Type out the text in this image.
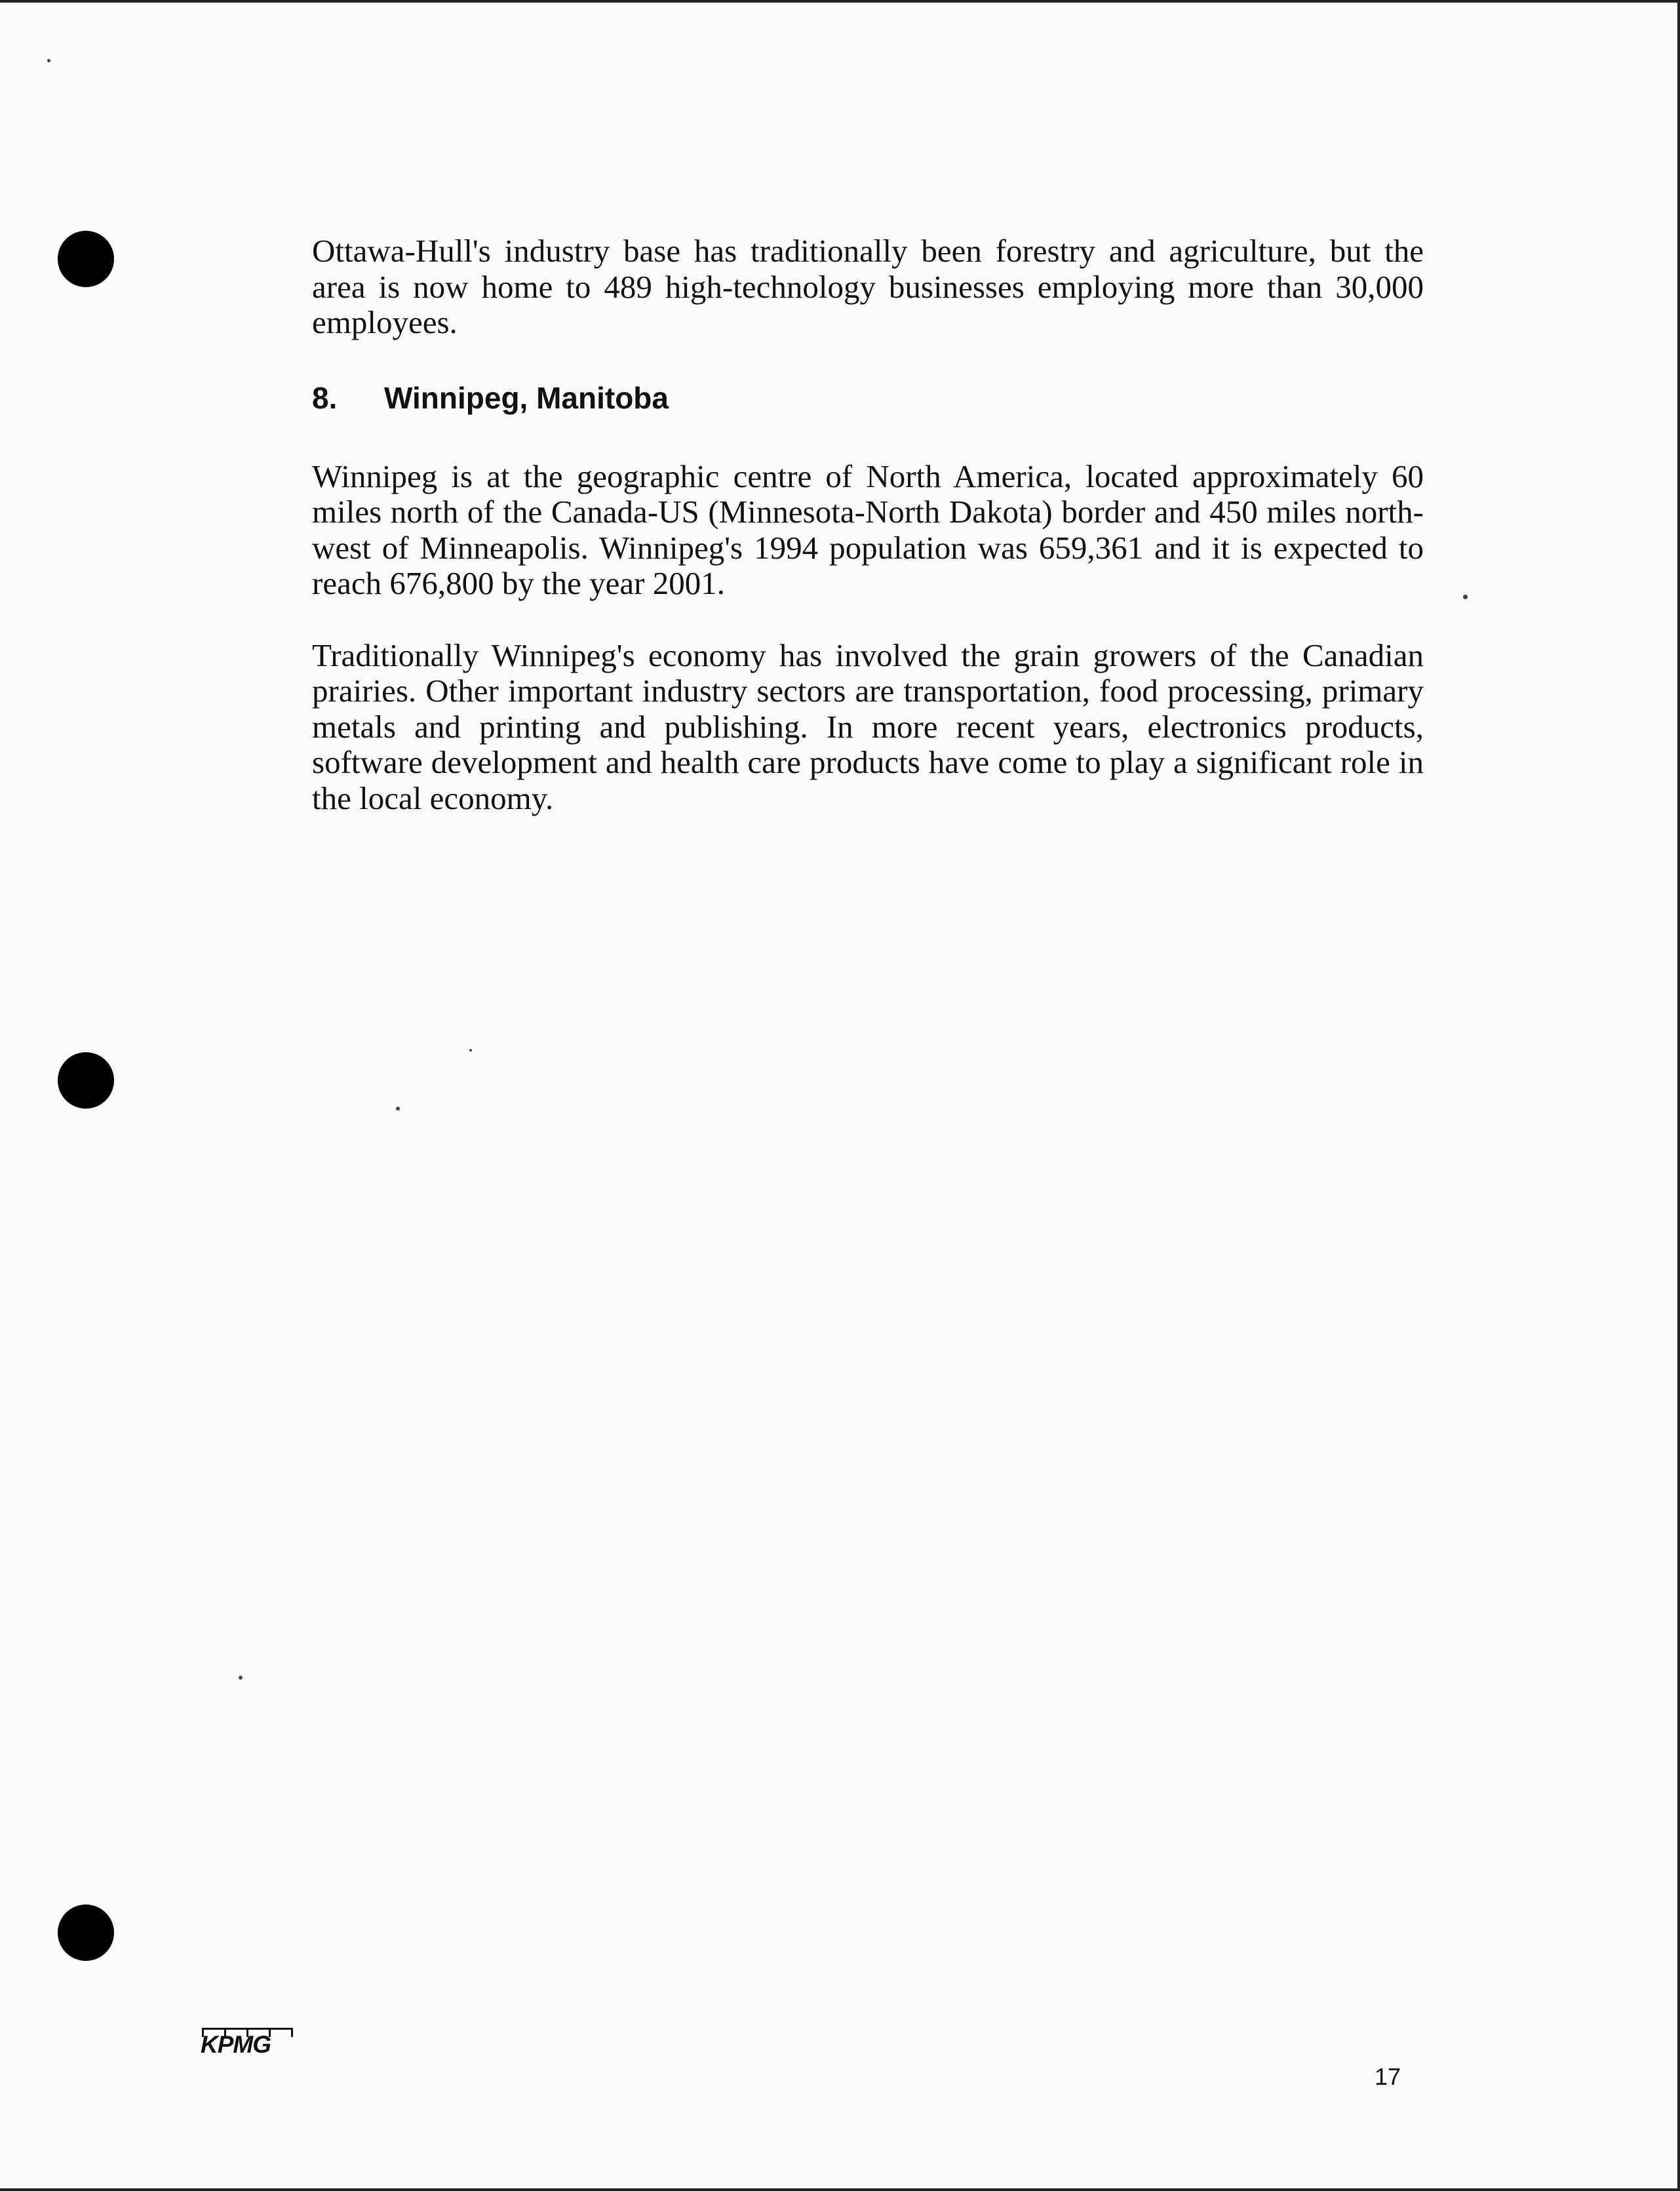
Ottawa-Hull's industry base has traditionally been forestry and agriculture, but the area is now home to 489 high-technology businesses employing more than 30,000 employees.

8.	Winnipeg, Manitoba

Winnipeg is at the geographic centre of North America, located approximately 60 miles north of the Canada-US (Minnesota-North Dakota) border and 450 miles north-west of Minneapolis. Winnipeg's 1994 population was 659,361 and it is expected to reach 676,800 by the year 2001.

Traditionally Winnipeg's economy has involved the grain growers of the Canadian prairies. Other important industry sectors are transportation, food processing, primary metals and printing and publishing. In more recent years, electronics products, software development and health care products have come to play a significant role in the local economy.

KPMG
17
